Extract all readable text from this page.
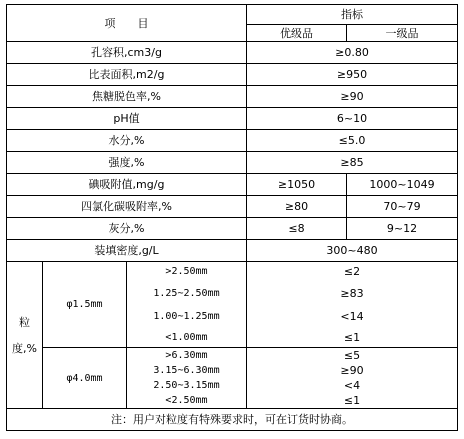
项　　目			指标	
			优级品	一级品
孔容积,cm3/g			≥0.80	
比表面积,m2/g			≥950	
焦糖脱色率,%			≥90	
pH值			6~10	
水分,%			≤5.0	
强度,%			≥85	
碘吸附值,mg/g			≥1050	1000~1049
四氯化碳吸附率,%			≥80	70~79
灰分,%			≤8	9~12
装填密度,g/L			300~480	
粒

度,%	φ1.5mm	>2.50mm	≤2	
		1.25~2.50mm	≥83	
		1.00~1.25mm	<14	
		<1.00mm	≤1	
	φ4.0mm	>6.30mm	≤5	
		3.15~6.30mm	≥90	
		2.50~3.15mm	<4	
		<2.50mm	≤1	
注：用户对粒度有特殊要求时，可在订货时协商。				
